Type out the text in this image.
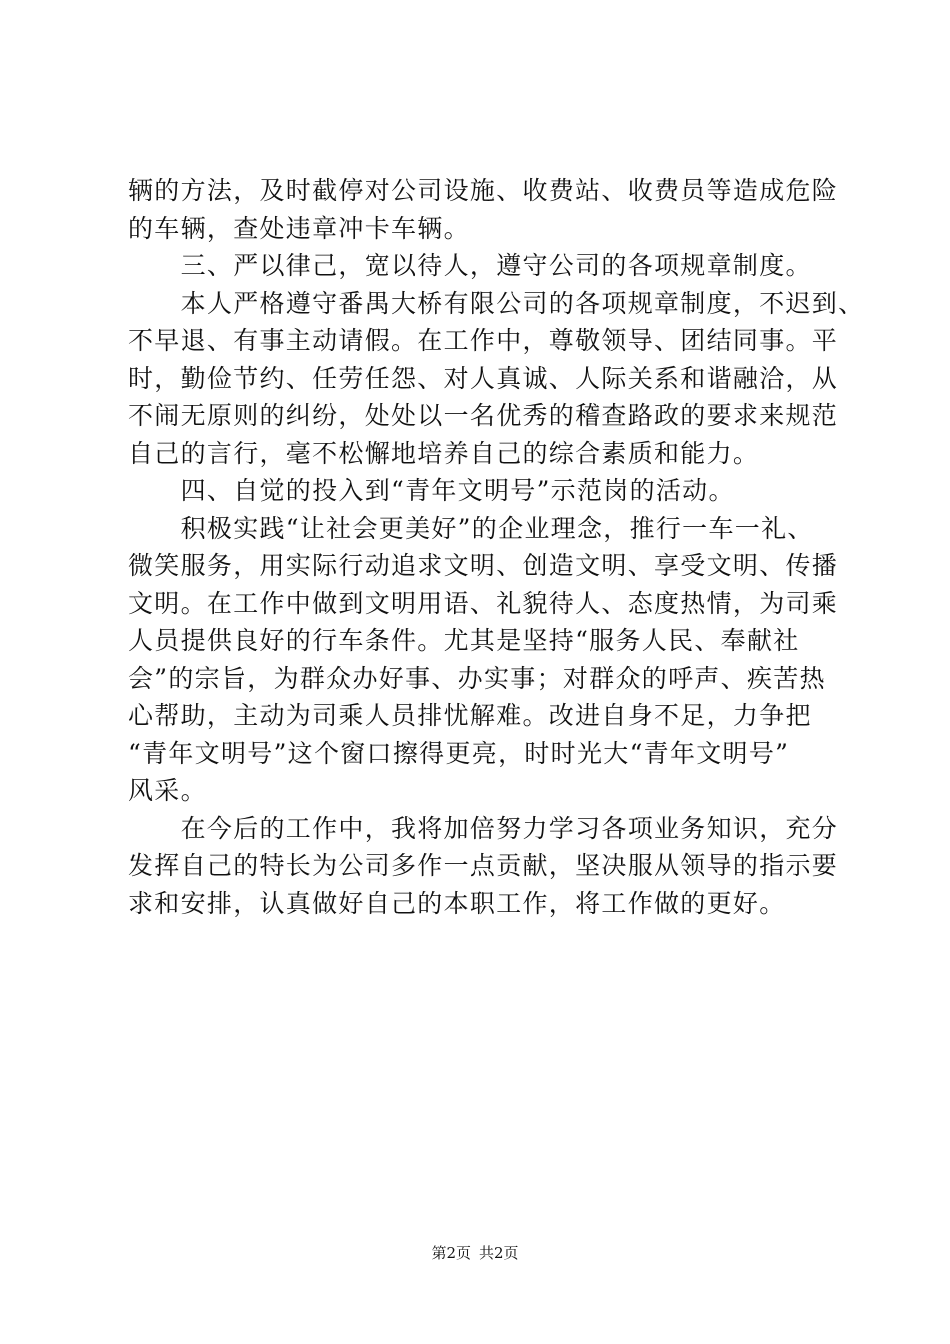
辆的方法，及时截停对公司设施、收费站、收费员等造成危险
的车辆，查处违章冲卡车辆。
　　三、严以律己，宽以待人，遵守公司的各项规章制度。
　　本人严格遵守番禺大桥有限公司的各项规章制度，不迟到、
不早退、有事主动请假。在工作中，尊敬领导、团结同事。平
时，勤俭节约、任劳任怨、对人真诚、人际关系和谐融洽，从
不闹无原则的纠纷，处处以一名优秀的稽查路政的要求来规范
自己的言行，毫不松懈地培养自己的综合素质和能力。
　　四、自觉的投入到“青年文明号”示范岗的活动。
　　积极实践“让社会更美好”的企业理念，推行一车一礼、
微笑服务，用实际行动追求文明、创造文明、享受文明、传播
文明。在工作中做到文明用语、礼貌待人、态度热情，为司乘
人员提供良好的行车条件。尤其是坚持“服务人民、奉献社
会”的宗旨，为群众办好事、办实事；对群众的呼声、疾苦热
心帮助，主动为司乘人员排忧解难。改进自身不足，力争把
“青年文明号”这个窗口擦得更亮，时时光大“青年文明号”
风采。
　　在今后的工作中，我将加倍努力学习各项业务知识，充分
发挥自己的特长为公司多作一点贡献，坚决服从领导的指示要
求和安排，认真做好自己的本职工作，将工作做的更好。
第2页 共2页
